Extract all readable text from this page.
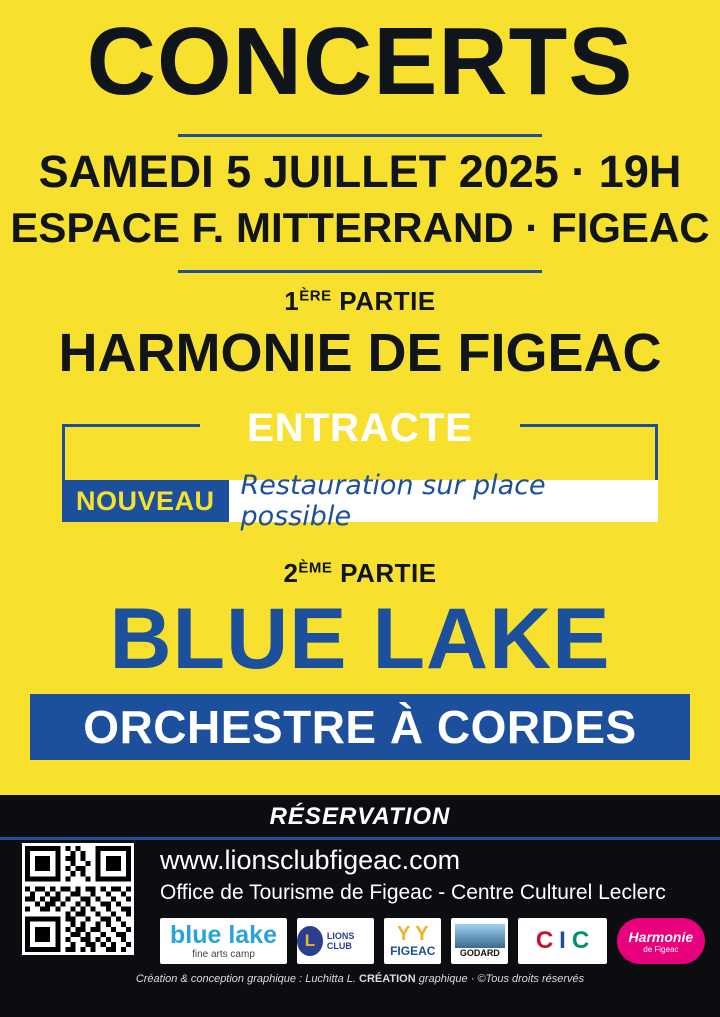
CONCERTS
SAMEDI 5 JUILLET 2025 · 19H
ESPACE F. MITTERRAND · FIGEAC
1ÈRE PARTIE
HARMONIE DE FIGEAC
ENTRACTE
NOUVEAU Restauration sur place possible
2ÈME PARTIE
BLUE LAKE
ORCHESTRE À CORDES
RÉSERVATION
www.lionsclubfigeac.com
Office de Tourisme de Figeac - Centre Culturel Leclerc
blue lake
fine arts camp
L	LIONS CLUB
Y Y
FIGEAC	GODARD C I C	Harmonie
de Figeac
Création & conception graphique : Luchitta L. CRÉATION graphique · ©Tous droits réservés
